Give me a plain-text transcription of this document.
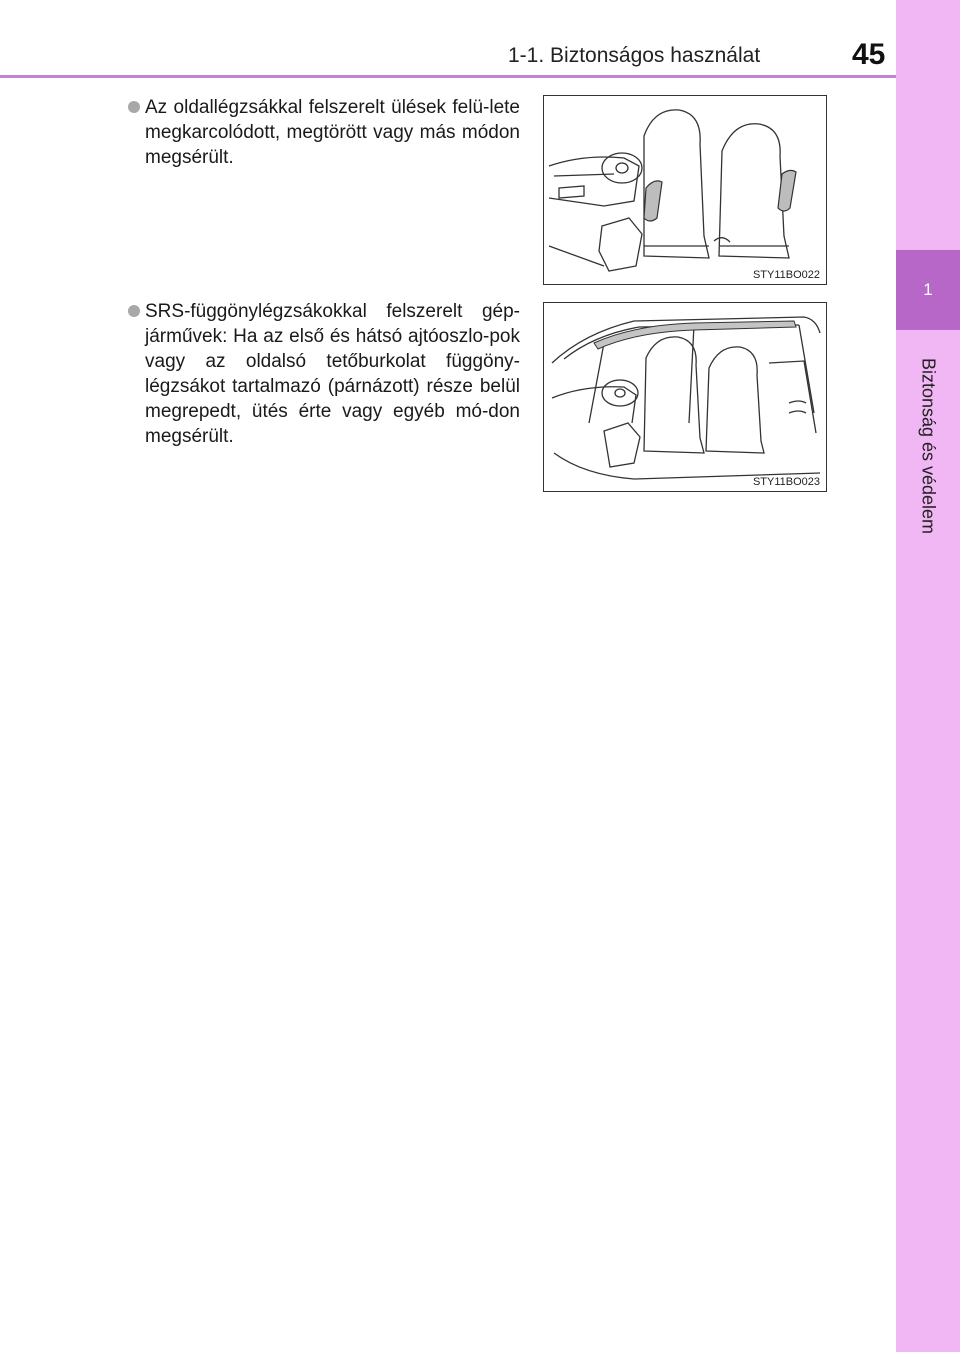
1
Biztonság és védelem
1-1. Biztonságos használat	45
Az oldallégzsákkal felszerelt ülések felü-lete megkarcolódott, megtörött vagy más módon megsérült.
STY11BO022
SRS-függönylégzsákokkal felszerelt gép-járművek: Ha az első és hátsó ajtóoszlo-pok vagy az oldalsó tetőburkolat függöny-légzsákot tartalmazó (párnázott) része belül megrepedt, ütés érte vagy egyéb mó-don megsérült.
STY11BO023
